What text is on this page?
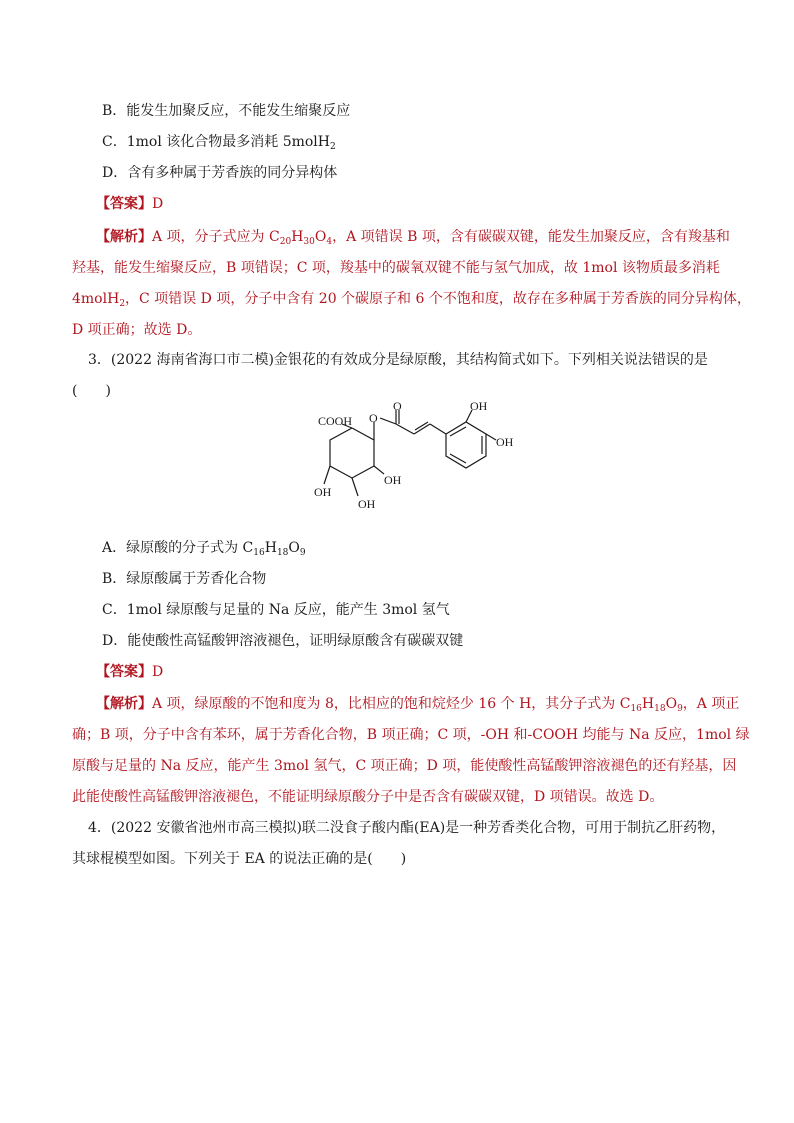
B．能发生加聚反应，不能发生缩聚反应
C．1mol 该化合物最多消耗 5molH$_2$
D．含有多种属于芳香族的同分异构体
【答案】D
【解析】A 项，分子式应为 $C_{20}H_{30}O_4$，A 项错误 B 项，含有碳碳双键，能发生加聚反应，含有羧基和
羟基，能发生缩聚反应，B 项错误；C 项，羧基中的碳氧双键不能与氢气加成，故 1mol 该物质最多消耗
4molH$_2$，C 项错误 D 项，分子中含有 20 个碳原子和 6 个不饱和度，故存在多种属于芳香族的同分异构体，
D 项正确；故选 D。
3．(2022 海南省海口市二模)金银花的有效成分是绿原酸，其结构简式如下。下列相关说法错误的是
(　　)
COOH O
O	OH
OH
OH
OH
OH
A．绿原酸的分子式为 $C_{16}H_{18}O_9$
B．绿原酸属于芳香化合物
C．1mol 绿原酸与足量的 Na 反应，能产生 3mol 氢气
D．能使酸性高锰酸钾溶液褪色，证明绿原酸含有碳碳双键
【答案】D
【解析】A 项，绿原酸的不饱和度为 8，比相应的饱和烷烃少 16 个 H，其分子式为 $C_{16}H_{18}O_9$，A 项正
确；B 项，分子中含有苯环，属于芳香化合物，B 项正确；C 项，-OH 和-COOH 均能与 Na 反应，1mol 绿
原酸与足量的 Na 反应，能产生 3mol 氢气，C 项正确；D 项，能使酸性高锰酸钾溶液褪色的还有羟基，因
此能使酸性高锰酸钾溶液褪色，不能证明绿原酸分子中是否含有碳碳双键，D 项错误。故选 D。
4．(2022 安徽省池州市高三模拟)联二没食子酸内酯(EA)是一种芳香类化合物，可用于制抗乙肝药物，
其球棍模型如图。下列关于 EA 的说法正确的是(　　)
